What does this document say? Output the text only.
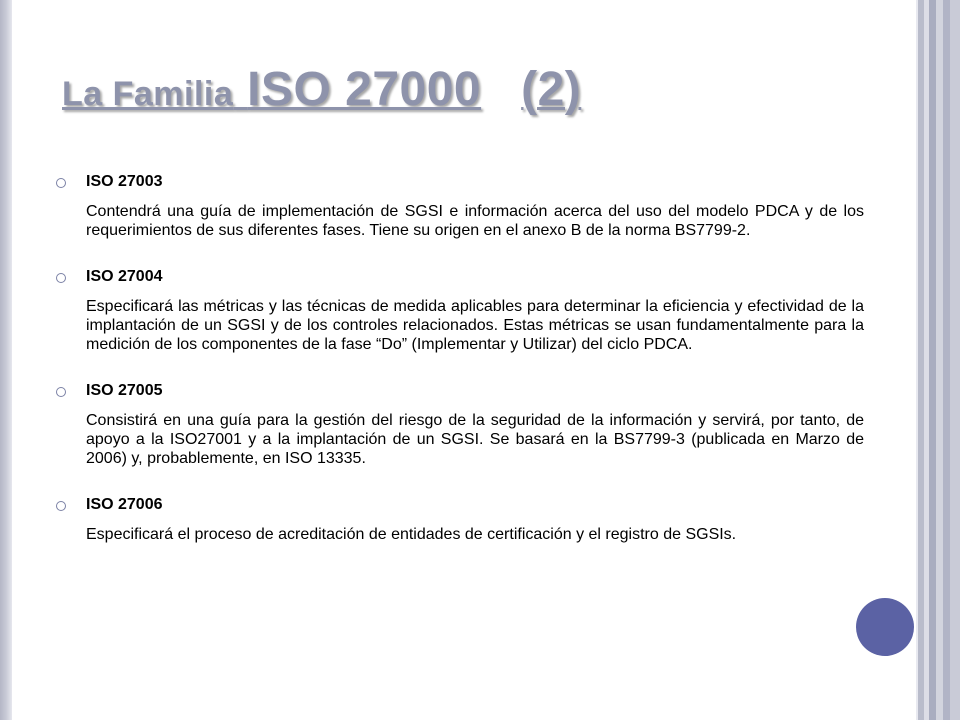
La Familia ISO 27000 (2)
ISO 27003
Contendrá una guía de implementación de SGSI e información acerca del uso del modelo PDCA y de los requerimientos de sus diferentes fases. Tiene su origen en el anexo B de la norma BS7799-2.
ISO 27004
Especificará las métricas y las técnicas de medida aplicables para determinar la eficiencia y efectividad de la implantación de un SGSI y de los controles relacionados. Estas métricas se usan fundamentalmente para la medición de los componentes de la fase “Do” (Implementar y Utilizar) del ciclo PDCA.
ISO 27005
Consistirá en una guía para la gestión del riesgo de la seguridad de la información y servirá, por tanto, de apoyo a la ISO27001 y a la implantación de un SGSI. Se basará en la BS7799-3 (publicada en Marzo de 2006) y, probablemente, en ISO 13335.
ISO 27006
Especificará el proceso de acreditación de entidades de certificación y el registro de SGSIs.
